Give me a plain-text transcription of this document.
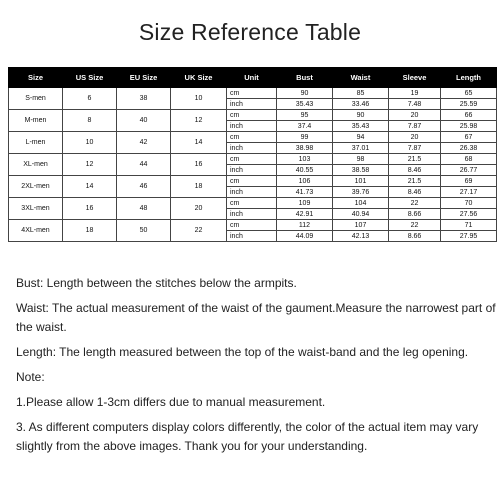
Size Reference Table
Size	US Size	EU Size	UK Size	Unit	Bust	Waist	Sleeve	Length
S-men	6	38	10	cm	90	85	19	65
				inch	35.43	33.46	7.48	25.59
M-men	8	40	12	cm	95	90	20	66
				inch	37.4	35.43	7.87	25.98
L-men	10	42	14	cm	99	94	20	67
				inch	38.98	37.01	7.87	26.38
XL-men	12	44	16	cm	103	98	21.5	68
				inch	40.55	38.58	8.46	26.77
2XL-men	14	46	18	cm	106	101	21.5	69
				inch	41.73	39.76	8.46	27.17
3XL-men	16	48	20	cm	109	104	22	70
				inch	42.91	40.94	8.66	27.56
4XL-men	18	50	22	cm	112	107	22	71
				inch	44.09	42.13	8.66	27.95

Bust: Length between the stitches below the armpits.

Waist: The actual measurement of the waist of the gaument.Measure the narrowest part of the waist.

Length: The length measured between the top of the waist-band and the leg opening.

Note:

1.Please allow 1-3cm differs due to manual measurement.

3. As different computers display colors differently, the color of the actual item may vary slightly from the above images. Thank you for your understanding.
